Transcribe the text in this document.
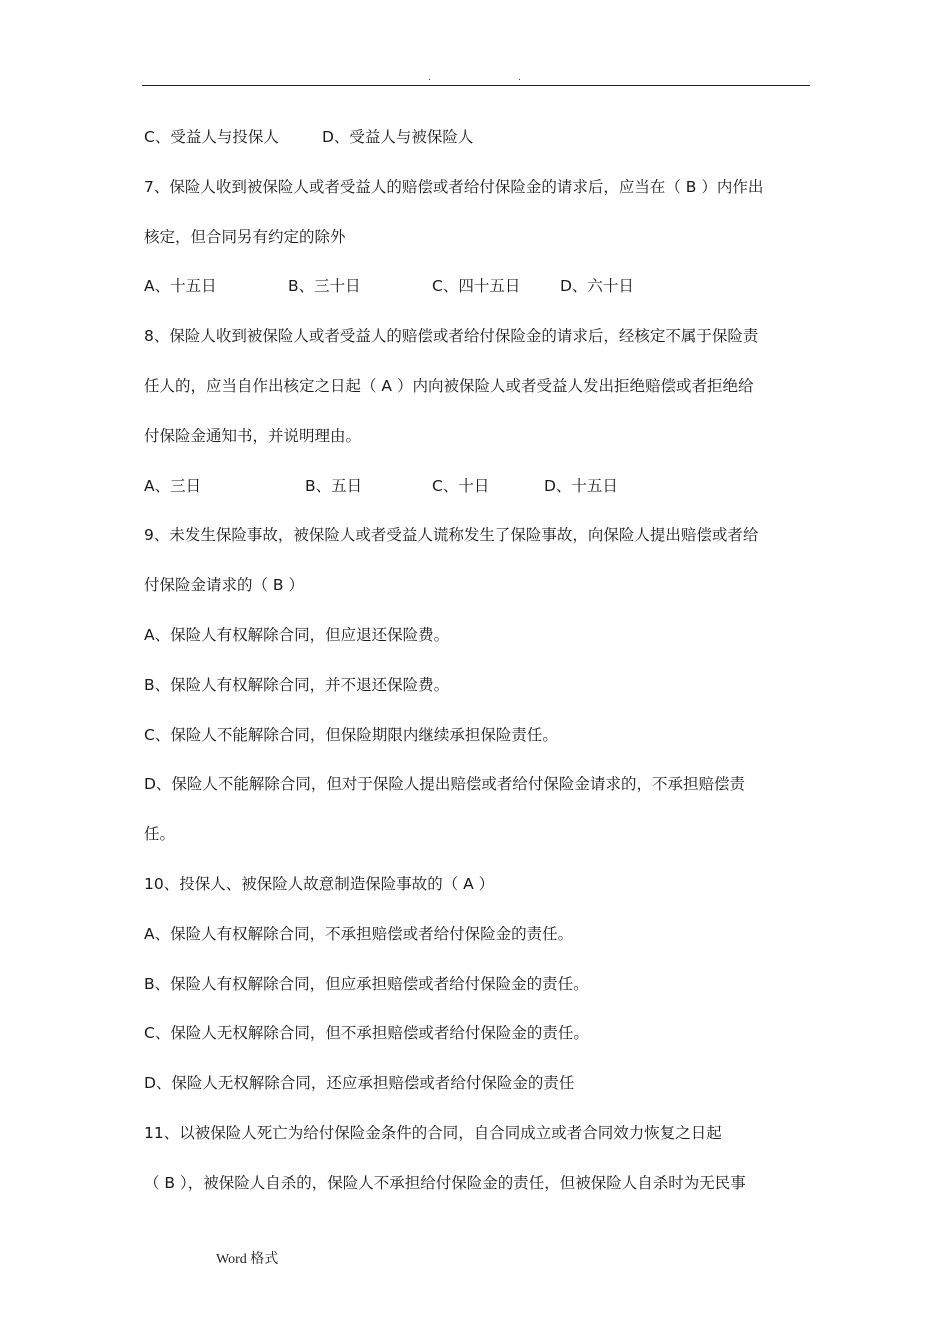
.	.
C、受益人与投保人	D、受益人与被保险人
7、保险人收到被保险人或者受益人的赔偿或者给付保险金的请求后，应当在（ B ）内作出
核定，但合同另有约定的除外
A、十五日	B、三十日	C、四十五日	D、六十日
8、保险人收到被保险人或者受益人的赔偿或者给付保险金的请求后，经核定不属于保险责
任人的，应当自作出核定之日起（ A ）内向被保险人或者受益人发出拒绝赔偿或者拒绝给
付保险金通知书，并说明理由。
A、三日	B、五日	C、十日	D、十五日
9、未发生保险事故，被保险人或者受益人谎称发生了保险事故，向保险人提出赔偿或者给
付保险金请求的（ B ）
A、保险人有权解除合同，但应退还保险费。
B、保险人有权解除合同，并不退还保险费。
C、保险人不能解除合同，但保险期限内继续承担保险责任。
D、保险人不能解除合同，但对于保险人提出赔偿或者给付保险金请求的，不承担赔偿责
任。
10、投保人、被保险人故意制造保险事故的（ A ）
A、保险人有权解除合同，不承担赔偿或者给付保险金的责任。
B、保险人有权解除合同，但应承担赔偿或者给付保险金的责任。
C、保险人无权解除合同，但不承担赔偿或者给付保险金的责任。
D、保险人无权解除合同，还应承担赔偿或者给付保险金的责任
11、以被保险人死亡为给付保险金条件的合同，自合同成立或者合同效力恢复之日起
（ B ），被保险人自杀的，保险人不承担给付保险金的责任，但被保险人自杀时为无民事
Word 格式
